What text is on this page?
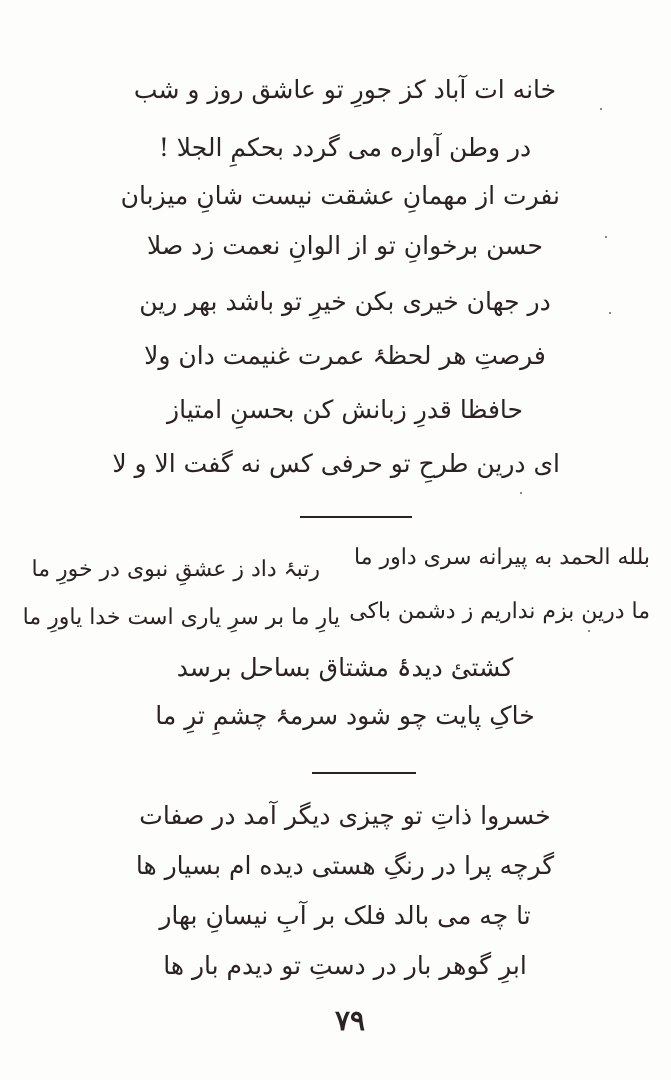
خانه ات آباد کز جورِ تو عاشق روز و شب
در وطن آواره می گردد بحکمِ الجلا !
نفرت از مهمانِ عشقت نیست شانِ میزبان
حسن برخوانِ تو از الوانِ نعمت زد صلا
در جهان خیری بکن خیرِ تو باشد بهر رین
فرصتِ هر لحظۂ عمرت غنیمت دان ولا
حافظا قدرِ زبانش کن بحسنِ امتیاز
ای درین طرحِ تو حرفی کس نه گفت الا و لا
بلله الحمد به پیرانه سری داور ما
رتبۂ داد ز عشقِ نبوی در خورِ ما
ما درین بزم نداریم ز دشمن باکی
یارِ ما بر سرِ یاری است خدا یاورِ ما
کشتئ دیدۂ مشتاق بساحل برسد
خاکِ پایت چو شود سرمۂ چشمِ ترِ ما
خسروا ذاتِ تو چیزی دیگر آمد در صفات
گرچه پرا در رنگِ هستی دیده ام بسیار ها
تا چه می بالد فلک بر آبِ نیسانِ بهار
ابرِ گوهر بار در دستِ تو دیدم بار ها
۷۹
